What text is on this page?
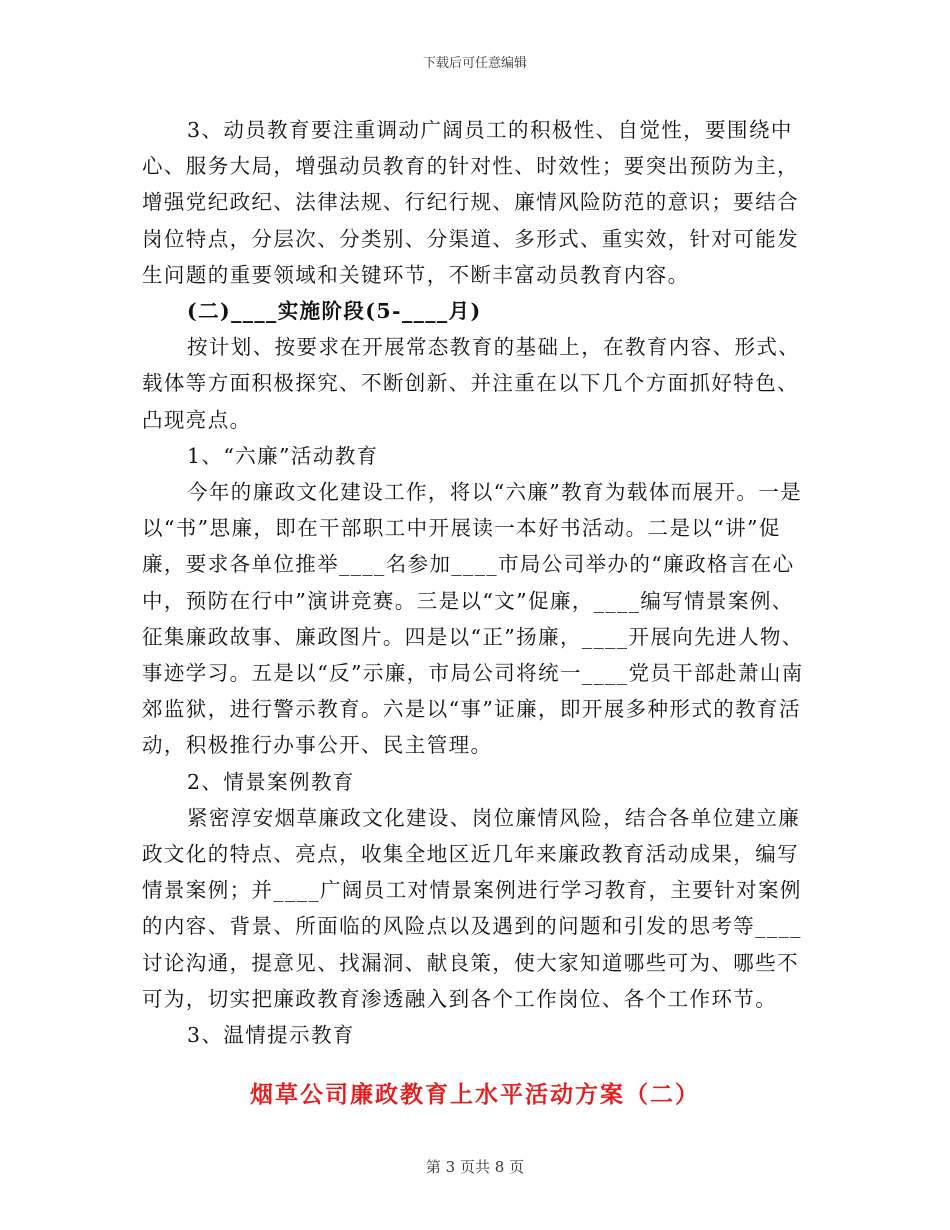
下载后可任意编辑

3、动员教育要注重调动广阔员工的积极性、自觉性，要围绕中心、服务大局，增强动员教育的针对性、时效性；要突出预防为主，增强党纪政纪、法律法规、行纪行规、廉情风险防范的意识；要结合岗位特点，分层次、分类别、分渠道、多形式、重实效，针对可能发生问题的重要领域和关键环节，不断丰富动员教育内容。

(二)____实施阶段(5-____月)

按计划、按要求在开展常态教育的基础上，在教育内容、形式、载体等方面积极探究、不断创新、并注重在以下几个方面抓好特色、凸现亮点。

1、“六廉”活动教育

今年的廉政文化建设工作，将以“六廉”教育为载体而展开。一是以“书”思廉，即在干部职工中开展读一本好书活动。二是以“讲”促廉，要求各单位推举____名参加____市局公司举办的“廉政格言在心中，预防在行中”演讲竞赛。三是以“文”促廉，____编写情景案例、征集廉政故事、廉政图片。四是以“正”扬廉，____开展向先进人物、事迹学习。五是以“反”示廉，市局公司将统一____党员干部赴萧山南郊监狱，进行警示教育。六是以“事”证廉，即开展多种形式的教育活动，积极推行办事公开、民主管理。

2、情景案例教育

紧密淳安烟草廉政文化建设、岗位廉情风险，结合各单位建立廉政文化的特点、亮点，收集全地区近几年来廉政教育活动成果，编写情景案例；并____广阔员工对情景案例进行学习教育，主要针对案例的内容、背景、所面临的风险点以及遇到的问题和引发的思考等____讨论沟通，提意见、找漏洞、献良策，使大家知道哪些可为、哪些不可为，切实把廉政教育渗透融入到各个工作岗位、各个工作环节。

3、温情提示教育

烟草公司廉政教育上水平活动方案（二）
第 3 页共 8 页
